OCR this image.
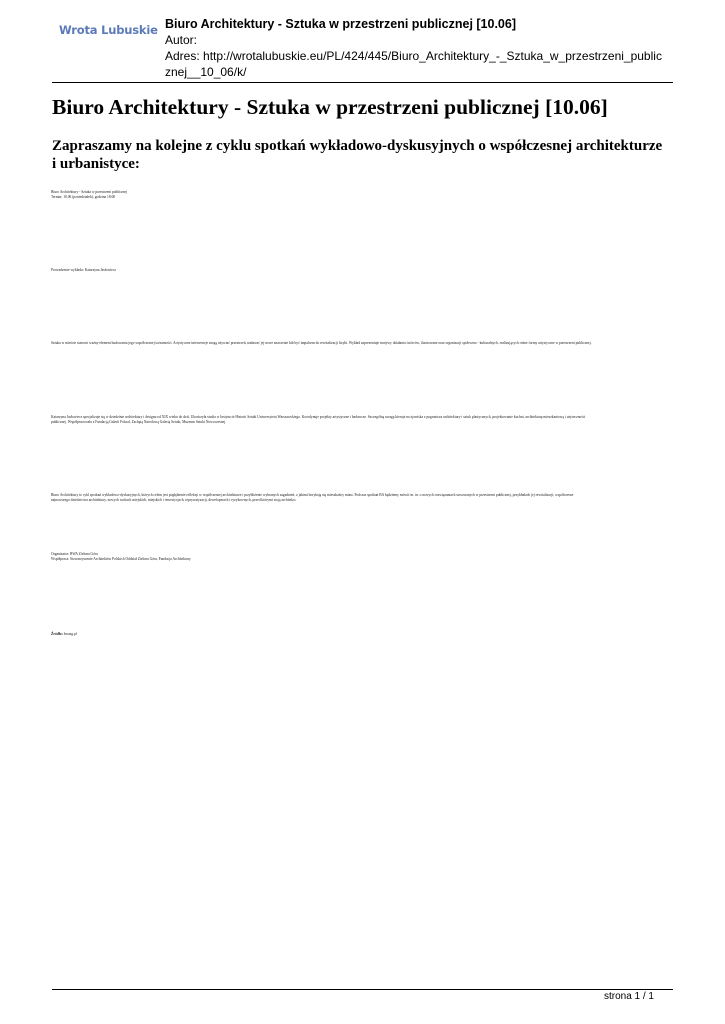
Wrota Lubuskie Biuro Architektury - Sztuka w przestrzeni publicznej [10.06]
Autor:
Adres: http://wrotalubuskie.eu/PL/424/445/Biuro_Architektury_-_Sztuka_w_przestrzeni_public
znej__10_06/k/
Biuro Architektury - Sztuka w przestrzeni publicznej [10.06]
Zapraszamy na kolejne z cyklu spotkań wykładowo-dyskusyjnych o współczesnej architekturze i urbanistyce:
Biuro Architektury - Sztuka w przestrzeni publicznej
Termin: 10.06 (poniedziałek), godzina 18:00
Prowadzenie wykładu: Katarzyna Jasłowiecz
Sztuka w mieście stanowi ważny element budowania jego współczesnej tożsamości. Artystyczne interwencje mogą ożywiać przestrzeń, nadawać jej nowe znaczenie lub być impulsem do rewitalizacji fizyki. Wykład zaprezentuje motywy działania twórców, ilustrowane oraz organizacji społeczno - kulturalnych, realizujących różne formy artystyczne w przestrzeni publicznej.
Katarzyna Jasłowiecz specjalizuje się w dziedzinie architektury i designu od XIX wieku do dziś. Ukończyła studia w Instytucie Historii Sztuki Uniwersytetu Warszawskiego. Koordynuje projekty artystyczne i badawcze. Szczególną uwagę kieruje na zjawiska z pogranicza architektury i sztuk plastycznych, projektowanie kuchni, architekturę mieszkaniową i użyteczności
publicznej. Współpracowała z Fundacją Galerii Foksal, Zachętą Narodową Galerią Sztuki, Muzeum Sztuki Nowoczesnej.
Biuro Architektury to cykl spotkań wykładowo-dyskusyjnych, których celem jest pogłębienie refleksji w współczesnej architekturze i przybliżenie wybranych zagadnień, z jakimi borykają się mieszkańcy miast. Podczas spotkań BA będziemy mówić m. in. o nowych rozwiązaniach stosowanych w przestrzeni publicznej, przykładach jej rewitalizacji, współczesne
najnowszego dziedzictwa architektury, nowych ruchach miejskich, miejskich i inwestycjach, reprywatyzacji, deweloperach i ryzykownych, przed którymi stoją architekci.
Organizator: BWA Zielona Góra
Współpraca: Stowarzyszenie Architektów Polskich Oddział Zielona Góra, Fundacja Architektury
Źródło: bwazg.pl
strona 1 / 1
